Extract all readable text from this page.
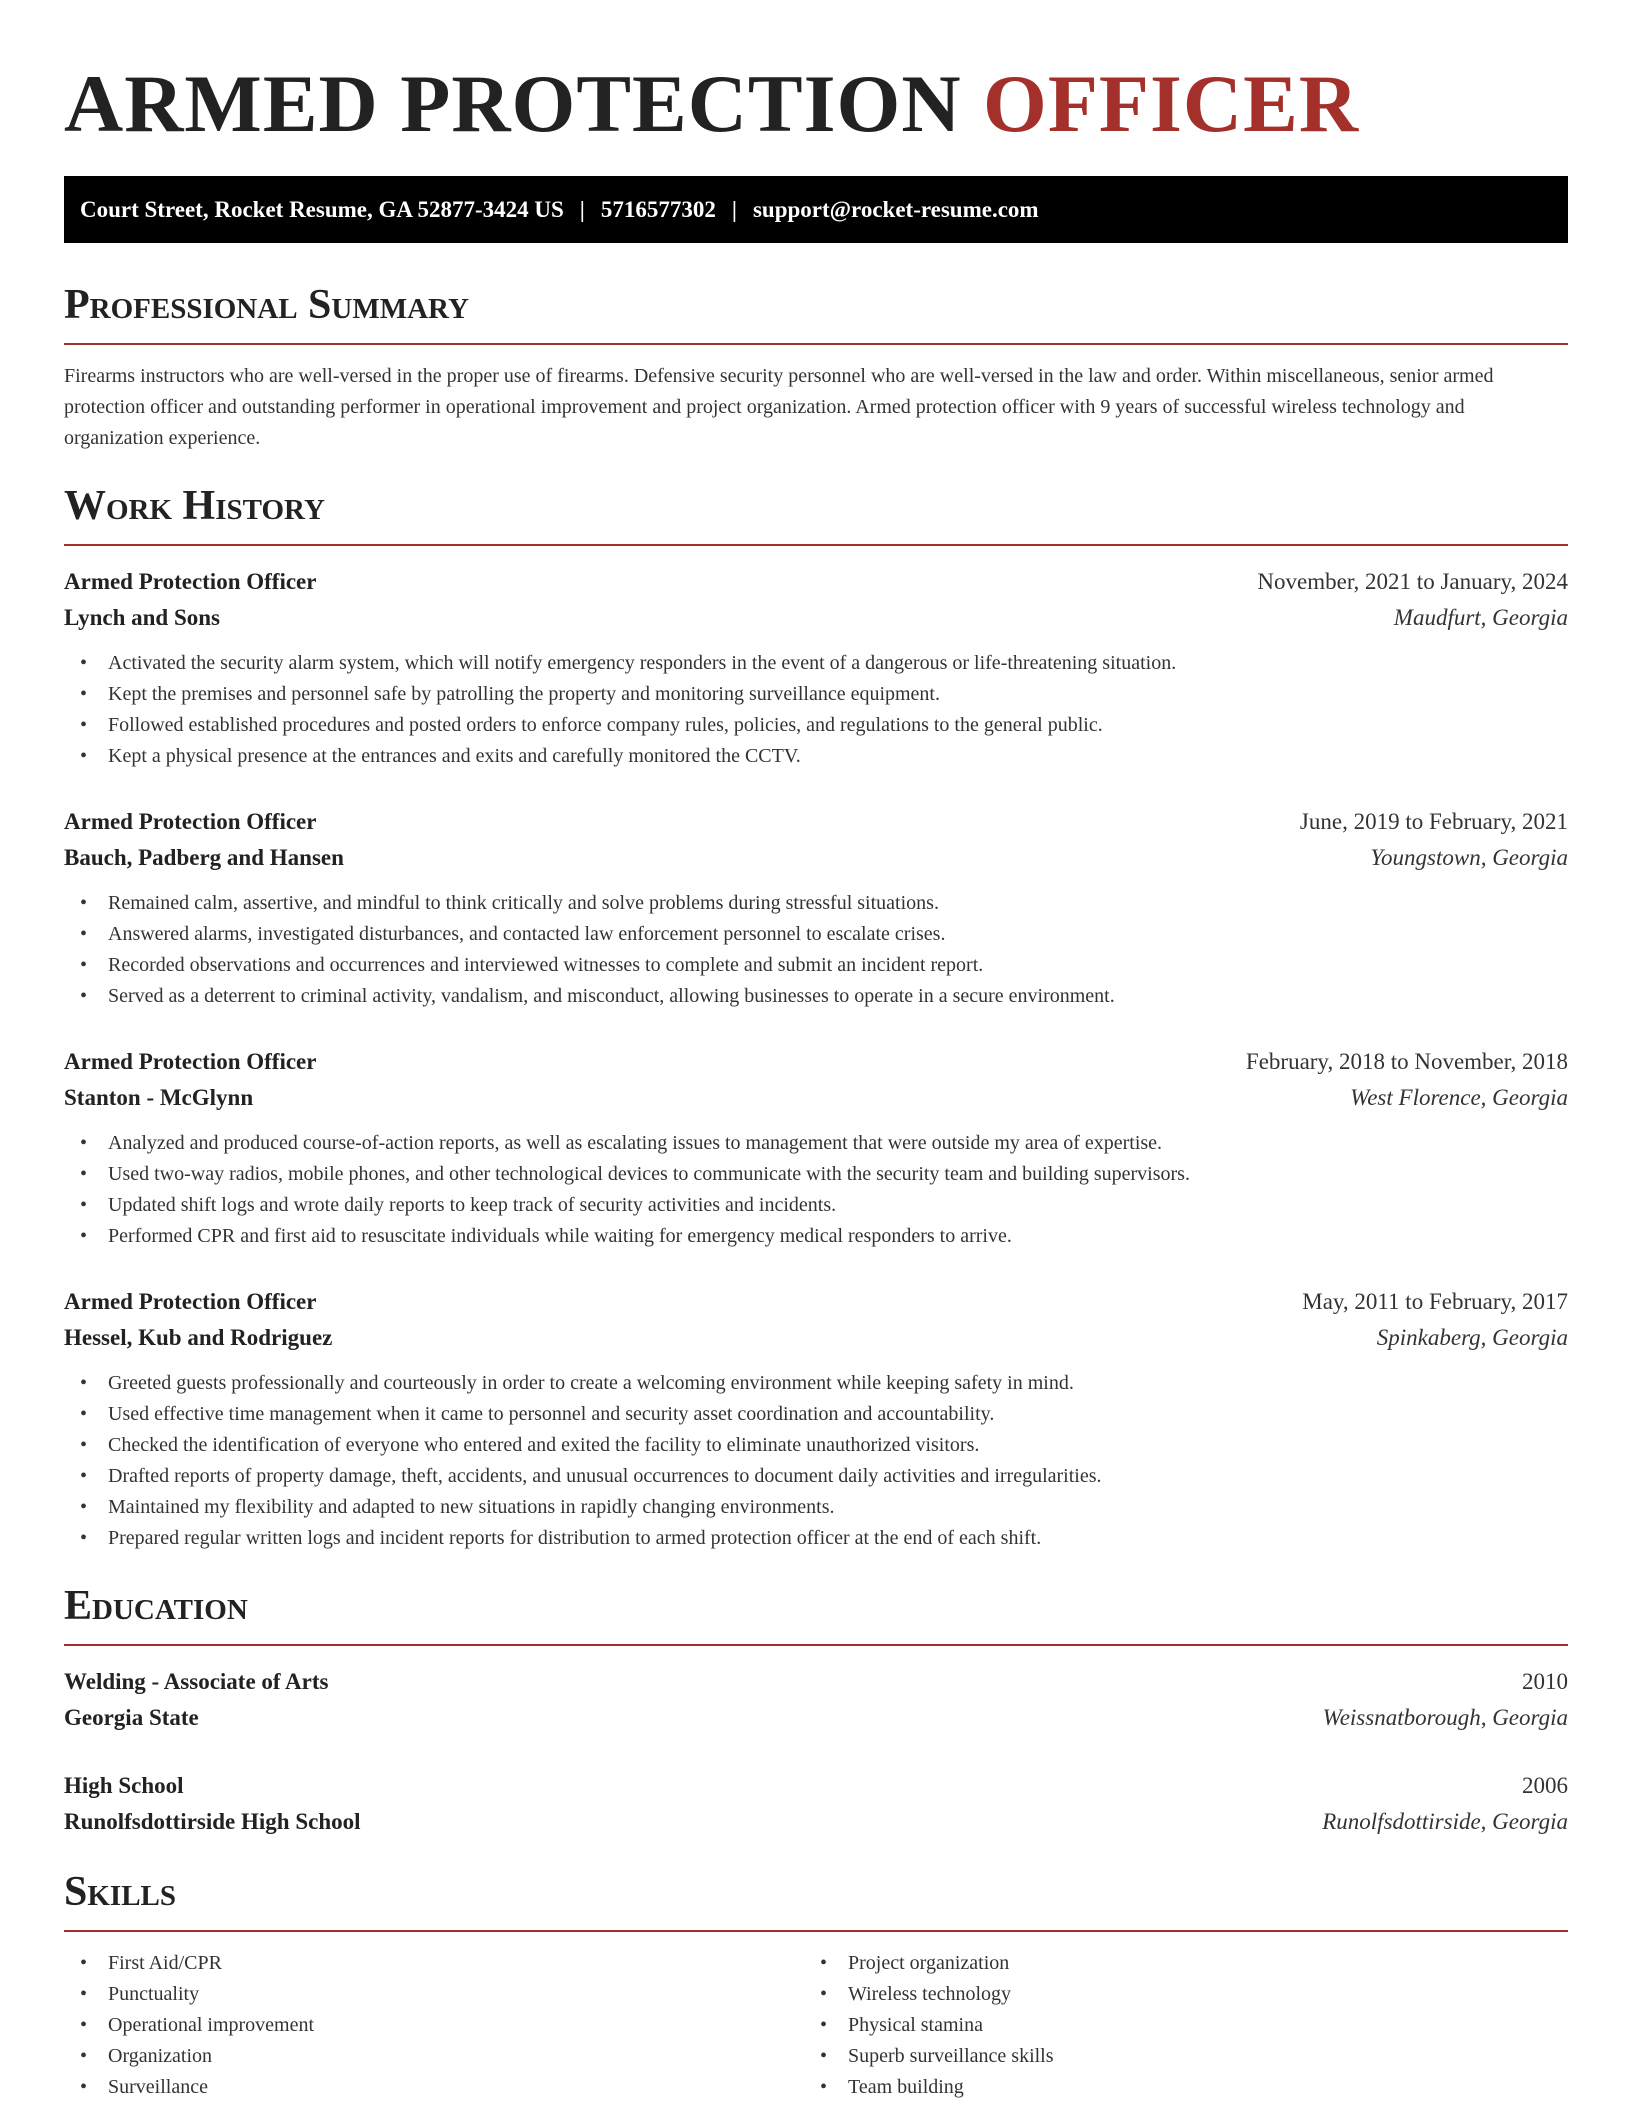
ARMED PROTECTION OFFICER
Court Street, Rocket Resume, GA 52877-3424 US | 5716577302 | support@rocket-resume.com
Professional Summary

Firearms instructors who are well-versed in the proper use of firearms. Defensive security personnel who are well-versed in the law and order. Within miscellaneous, senior armed protection officer and outstanding performer in operational improvement and project organization. Armed protection officer with 9 years of successful wireless technology and organization experience.

Work History
Armed Protection Officer	November, 2021 to January, 2024
Lynch and Sons	Maudfurt, Georgia
• Activated the security alarm system, which will notify emergency responders in the event of a dangerous or life-threatening situation.
• Kept the premises and personnel safe by patrolling the property and monitoring surveillance equipment.
• Followed established procedures and posted orders to enforce company rules, policies, and regulations to the general public.
• Kept a physical presence at the entrances and exits and carefully monitored the CCTV.
Armed Protection Officer	June, 2019 to February, 2021
Bauch, Padberg and Hansen	Youngstown, Georgia
• Remained calm, assertive, and mindful to think critically and solve problems during stressful situations.
• Answered alarms, investigated disturbances, and contacted law enforcement personnel to escalate crises.
• Recorded observations and occurrences and interviewed witnesses to complete and submit an incident report.
• Served as a deterrent to criminal activity, vandalism, and misconduct, allowing businesses to operate in a secure environment.
Armed Protection Officer	February, 2018 to November, 2018
Stanton - McGlynn	West Florence, Georgia
• Analyzed and produced course-of-action reports, as well as escalating issues to management that were outside my area of expertise.
• Used two-way radios, mobile phones, and other technological devices to communicate with the security team and building supervisors.
• Updated shift logs and wrote daily reports to keep track of security activities and incidents.
• Performed CPR and first aid to resuscitate individuals while waiting for emergency medical responders to arrive.
Armed Protection Officer	May, 2011 to February, 2017
Hessel, Kub and Rodriguez	Spinkaberg, Georgia
• Greeted guests professionally and courteously in order to create a welcoming environment while keeping safety in mind.
• Used effective time management when it came to personnel and security asset coordination and accountability.
• Checked the identification of everyone who entered and exited the facility to eliminate unauthorized visitors.
• Drafted reports of property damage, theft, accidents, and unusual occurrences to document daily activities and irregularities.
• Maintained my flexibility and adapted to new situations in rapidly changing environments.
• Prepared regular written logs and incident reports for distribution to armed protection officer at the end of each shift.
Education
Welding - Associate of Arts	2010
Georgia State	Weissnatborough, Georgia
High School	2006
Runolfsdottirside High School	Runolfsdottirside, Georgia
Skills
• First Aid/CPR
• Punctuality
• Operational improvement
• Organization
• Surveillance
• Project organization
• Wireless technology
• Physical stamina
• Superb surveillance skills
• Team building
